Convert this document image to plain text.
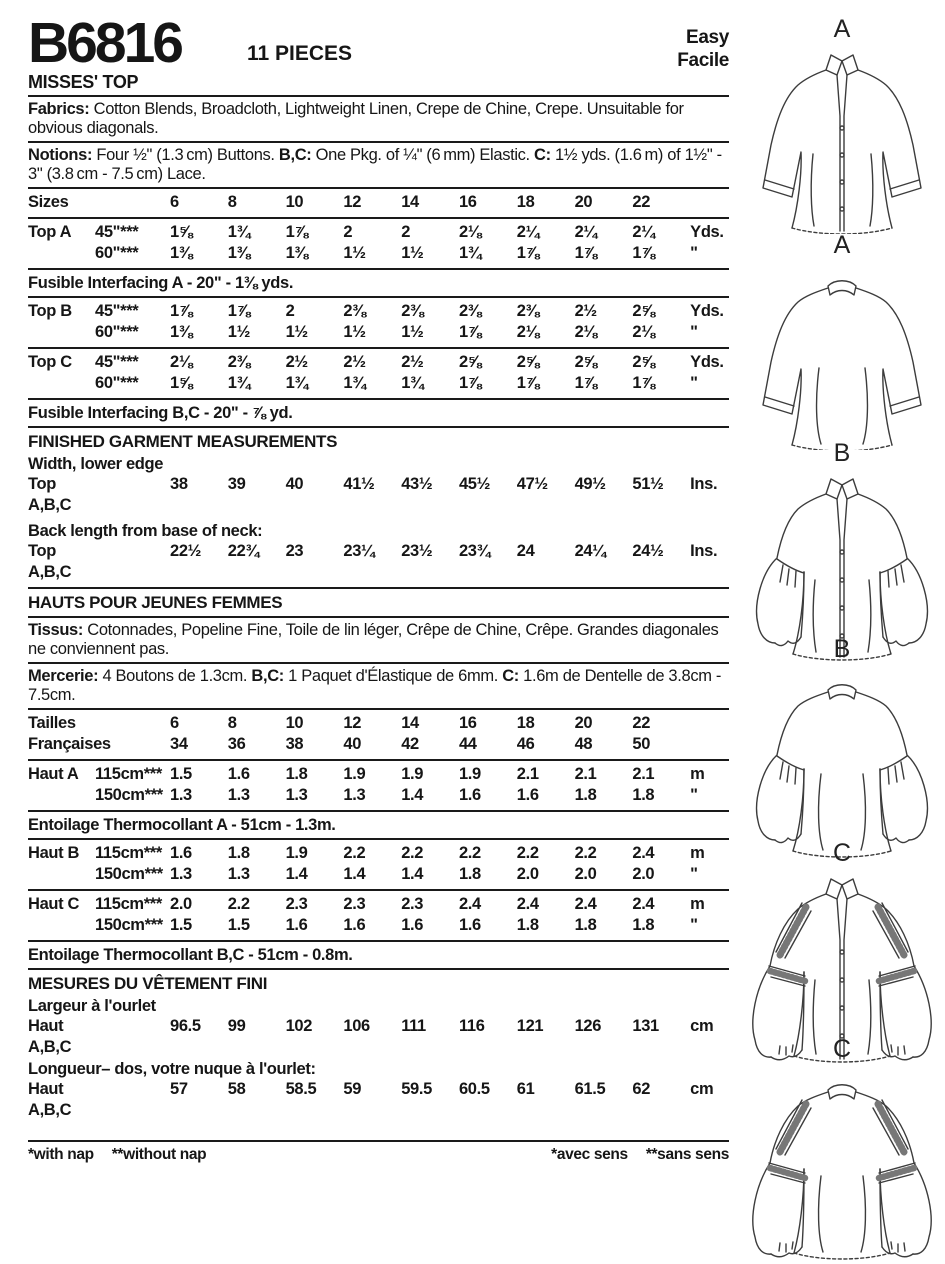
B6816	11 PIECES
Easy
Facile
MISSES' TOP

Fabrics: Cotton Blends, Broadcloth, Lightweight Linen, Crepe de Chine, Crepe. Unsuitable for obvious diagonals.

Notions: Four ½" (1.3 cm) Buttons. B,C: One Pkg. of ¼" (6 mm) Elastic. C: 1½ yds. (1.6 m) of 1½" - 3" (3.8 cm - 7.5 cm) Lace.

Sizes	6	8	10	12	14	16	18	20	22
Top A	45"***	1⅝	1¾	1⅞	2	2	2⅛	2¼	2¼	2¼	Yds.
60"***	1⅜	1⅜	1⅜	1½	1½	1¾	1⅞	1⅞	1⅞	"
Fusible Interfacing A - 20" - 1⅜ yds.
Top B	45"***	1⅞	1⅞	2	2⅜	2⅜	2⅜	2⅜	2½	2⅝	Yds.
60"***	1⅜	1½	1½	1½	1½	1⅞	2⅛	2⅛	2⅛	"
Top C	45"***	2⅛	2⅜	2½	2½	2½	2⅝	2⅝	2⅝	2⅝	Yds.
60"***	1⅝	1¾	1¾	1¾	1¾	1⅞	1⅞	1⅞	1⅞	"
Fusible Interfacing B,C - 20" - ⅞ yd.
FINISHED GARMENT MEASUREMENTS
Width, lower edge
Top A,B,C
38	39	40	41½	43½	45½	47½	49½	51½	Ins.
Back length from base of neck:
Top A,B,C
22½	22¾	23	23¼	23½	23¾	24	24¼	24½	Ins.
HAUTS POUR JEUNES FEMMES

Tissus: Cotonnades, Popeline Fine, Toile de lin léger, Crêpe de Chine, Crêpe. Grandes diagonales ne conviennent pas.

Mercerie: 4 Boutons de 1.3cm. B,C: 1 Paquet d'Élastique de 6mm. C: 1.6m de Dentelle de 3.8cm - 7.5cm.

Tailles	6	8	10	12	14	16	18	20	22
Françaises	34	36	38	40	42	44	46	48	50
Haut A	115cm*** 1.5	1.6	1.8	1.9	1.9	1.9	2.1	2.1	2.1	m
150cm*** 1.3	1.3	1.3	1.3	1.4	1.6	1.6	1.8	1.8	"
Entoilage Thermocollant A - 51cm - 1.3m.
Haut B 115cm*** 1.6	1.8	1.9	2.2	2.2	2.2	2.2	2.2	2.4	m
150cm*** 1.3	1.3	1.4	1.4	1.4	1.8	2.0	2.0	2.0	"
Haut C 115cm*** 2.0	2.2	2.3	2.3	2.3	2.4	2.4	2.4	2.4	m
150cm*** 1.5	1.5	1.6	1.6	1.6	1.6	1.8	1.8	1.8	"
Entoilage Thermocollant B,C - 51cm - 0.8m.
MESURES DU VÊTEMENT FINI
Largeur à l'ourlet
Haut A,B,C
96.5	99	102	106	111	116	121	126	131	cm
Longueur– dos, votre nuque à l'ourlet:
Haut A,B,C
57	58	58.5	59	59.5	60.5	61	61.5	62	cm
*with nap **without nap	*avec sens **sans sens
A
A
B
B
C
C
